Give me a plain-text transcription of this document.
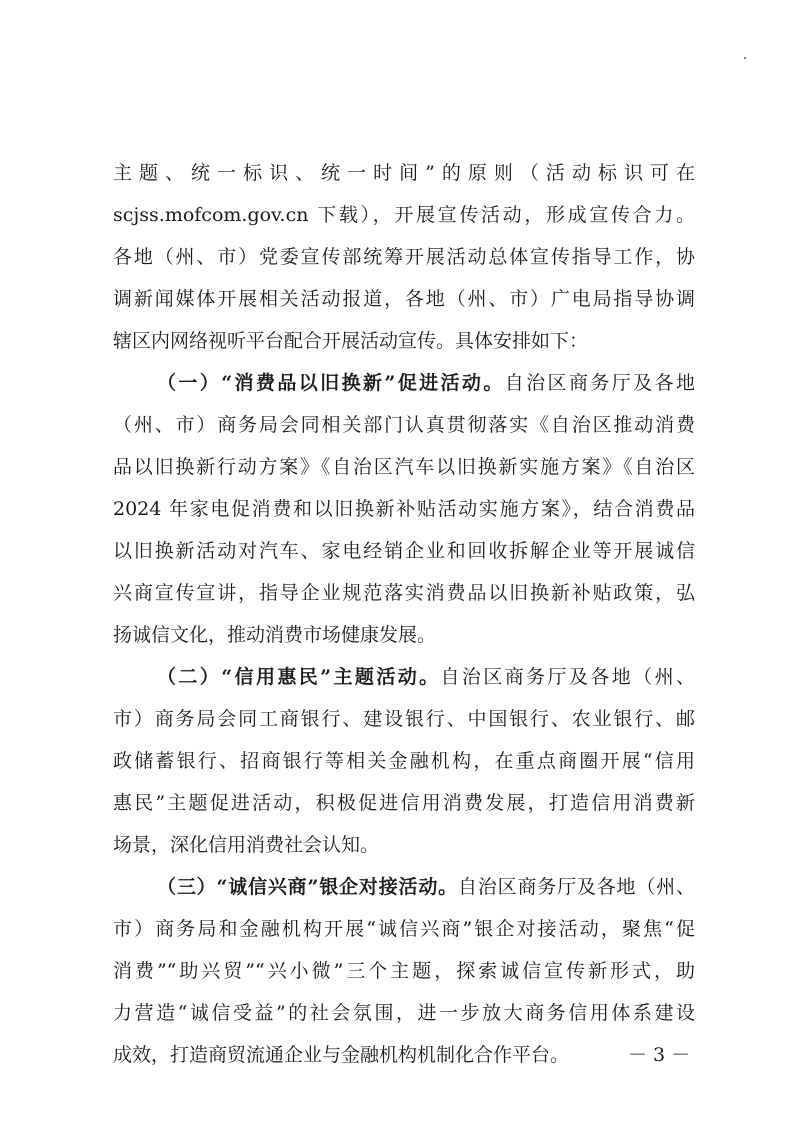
主题、统一标识、统一时间”的原则（活动标识可在
scjss.mofcom.gov.cn 下载），开展宣传活动，形成宣传合力。
各地（州、市）党委宣传部统筹开展活动总体宣传指导工作，协
调新闻媒体开展相关活动报道，各地（州、市）广电局指导协调
辖区内网络视听平台配合开展活动宣传。具体安排如下：
（一）“消费品以旧换新”促进活动。自治区商务厅及各地
（州、市）商务局会同相关部门认真贯彻落实《自治区推动消费
品以旧换新行动方案》《自治区汽车以旧换新实施方案》《自治区
2024 年家电促消费和以旧换新补贴活动实施方案》，结合消费品
以旧换新活动对汽车、家电经销企业和回收拆解企业等开展诚信
兴商宣传宣讲，指导企业规范落实消费品以旧换新补贴政策，弘
扬诚信文化，推动消费市场健康发展。
（二）“信用惠民”主题活动。自治区商务厅及各地（州、
市）商务局会同工商银行、建设银行、中国银行、农业银行、邮
政储蓄银行、招商银行等相关金融机构，在重点商圈开展“信用
惠民”主题促进活动，积极促进信用消费发展，打造信用消费新
场景，深化信用消费社会认知。
（三）“诚信兴商”银企对接活动。自治区商务厅及各地（州、
市）商务局和金融机构开展“诚信兴商”银企对接活动，聚焦“促
消费”“助兴贸”“兴小微”三个主题，探索诚信宣传新形式，助
力营造“诚信受益”的社会氛围，进一步放大商务信用体系建设
成效，打造商贸流通企业与金融机构机制化合作平台。	－ 3 －
